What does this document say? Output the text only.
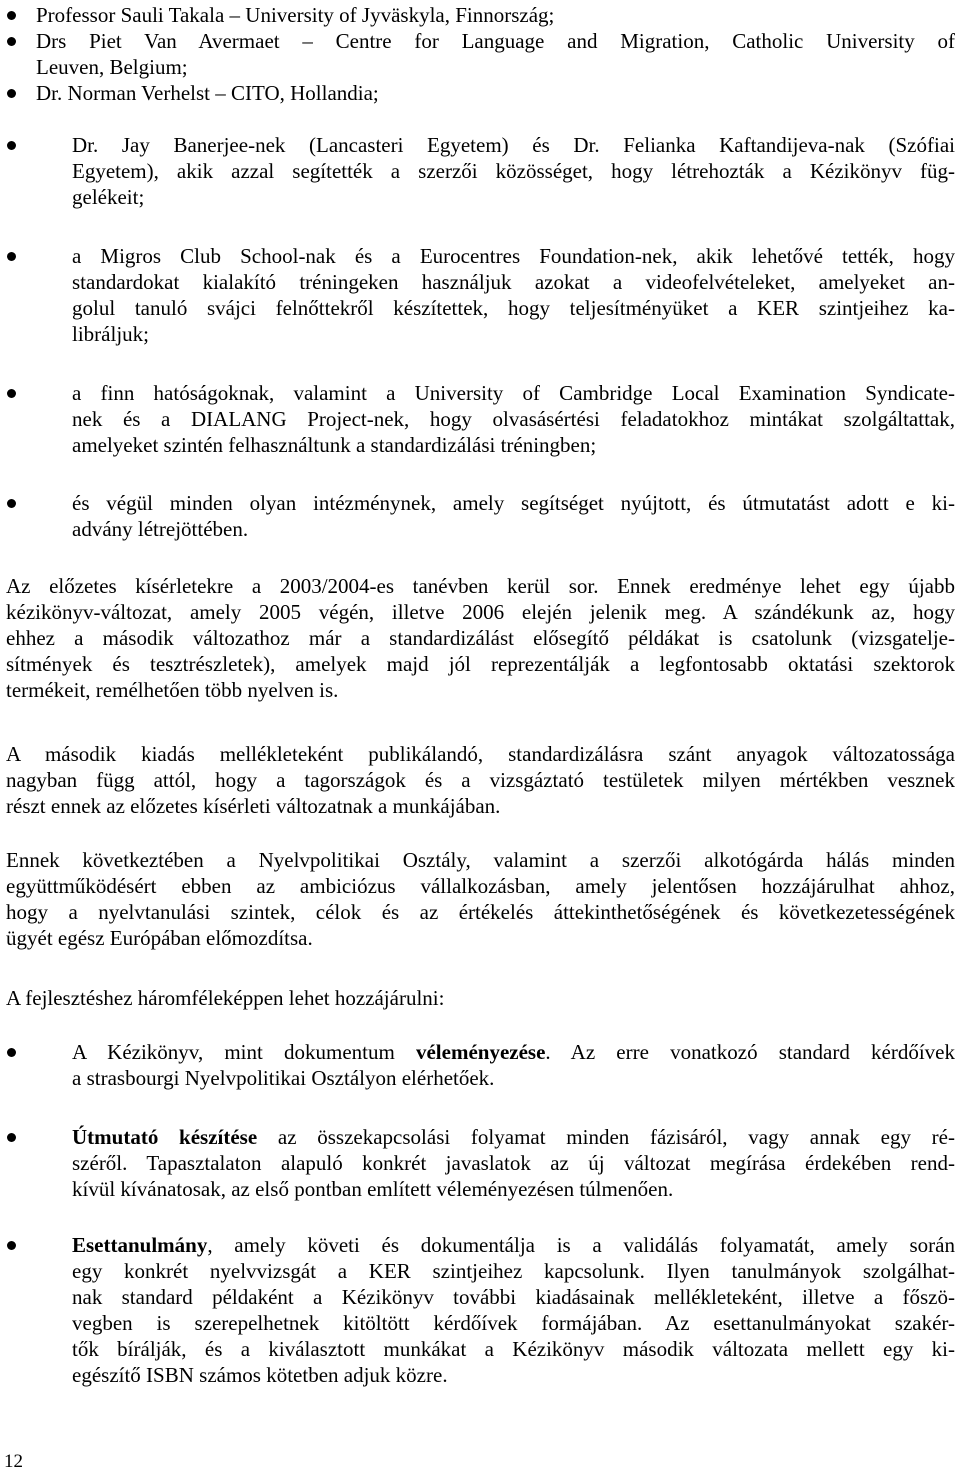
Professor Sauli Takala – University of Jyväskyla, Finnország;
Drs Piet Van Avermaet – Centre for Language and Migration, Catholic University of
Leuven, Belgium;
Dr. Norman Verhelst – CITO, Hollandia;
Dr. Jay Banerjee-nek (Lancasteri Egyetem) és Dr. Felianka Kaftandijeva-nak (Szófiai
Egyetem), akik azzal segítették a szerzői közösséget, hogy létrehozták a Kézikönyv füg-
gelékeit;
a Migros Club School-nak és a Eurocentres Foundation-nek, akik lehetővé tették, hogy
standardokat kialakító tréningeken használjuk azokat a videofelvételeket, amelyeket an-
golul tanuló svájci felnőttekről készítettek, hogy teljesítményüket a KER szintjeihez ka-
libráljuk;
a finn hatóságoknak, valamint a University of Cambridge Local Examination Syndicate-
nek és a DIALANG Project-nek, hogy olvasásértési feladatokhoz mintákat szolgáltattak,
amelyeket szintén felhasználtunk a standardizálási tréningben;
és végül minden olyan intézménynek, amely segítséget nyújtott, és útmutatást adott e ki-
advány létrejöttében.
Az előzetes kísérletekre a 2003/2004-es tanévben kerül sor. Ennek eredménye lehet egy újabb
kézikönyv-változat, amely 2005 végén, illetve 2006 elején jelenik meg. A szándékunk az, hogy
ehhez a második változathoz már a standardizálást elősegítő példákat is csatolunk (vizsgatelje-
sítmények és tesztrészletek), amelyek majd jól reprezentálják a legfontosabb oktatási szektorok
termékeit, remélhetően több nyelven is.
A második kiadás mellékleteként publikálandó, standardizálásra szánt anyagok változatossága
nagyban függ attól, hogy a tagországok és a vizsgáztató testületek milyen mértékben vesznek
részt ennek az előzetes kísérleti változatnak a munkájában.
Ennek következtében a Nyelvpolitikai Osztály, valamint a szerzői alkotógárda hálás minden
együttműködésért ebben az ambiciózus vállalkozásban, amely jelentősen hozzájárulhat ahhoz,
hogy a nyelvtanulási szintek, célok és az értékelés áttekinthetőségének és következetességének
ügyét egész Európában előmozdítsa.
A fejlesztéshez háromféleképpen lehet hozzájárulni:
A Kézikönyv, mint dokumentum véleményezése. Az erre vonatkozó standard kérdőívek
a strasbourgi Nyelvpolitikai Osztályon elérhetőek.
Útmutató készítése az összekapcsolási folyamat minden fázisáról, vagy annak egy ré-
széről. Tapasztalaton alapuló konkrét javaslatok az új változat megírása érdekében rend-
kívül kívánatosak, az első pontban említett véleményezésen túlmenően.
Esettanulmány, amely követi és dokumentálja is a validálás folyamatát, amely során
egy konkrét nyelvvizsgát a KER szintjeihez kapcsolunk. Ilyen tanulmányok szolgálhat-
nak standard példaként a Kézikönyv további kiadásainak mellékleteként, illetve a főszö-
vegben is szerepelhetnek kitöltött kérdőívek formájában. Az esettanulmányokat szakér-
tők bírálják, és a kiválasztott munkákat a Kézikönyv második változata mellett egy ki-
egészítő ISBN számos kötetben adjuk közre.
12
